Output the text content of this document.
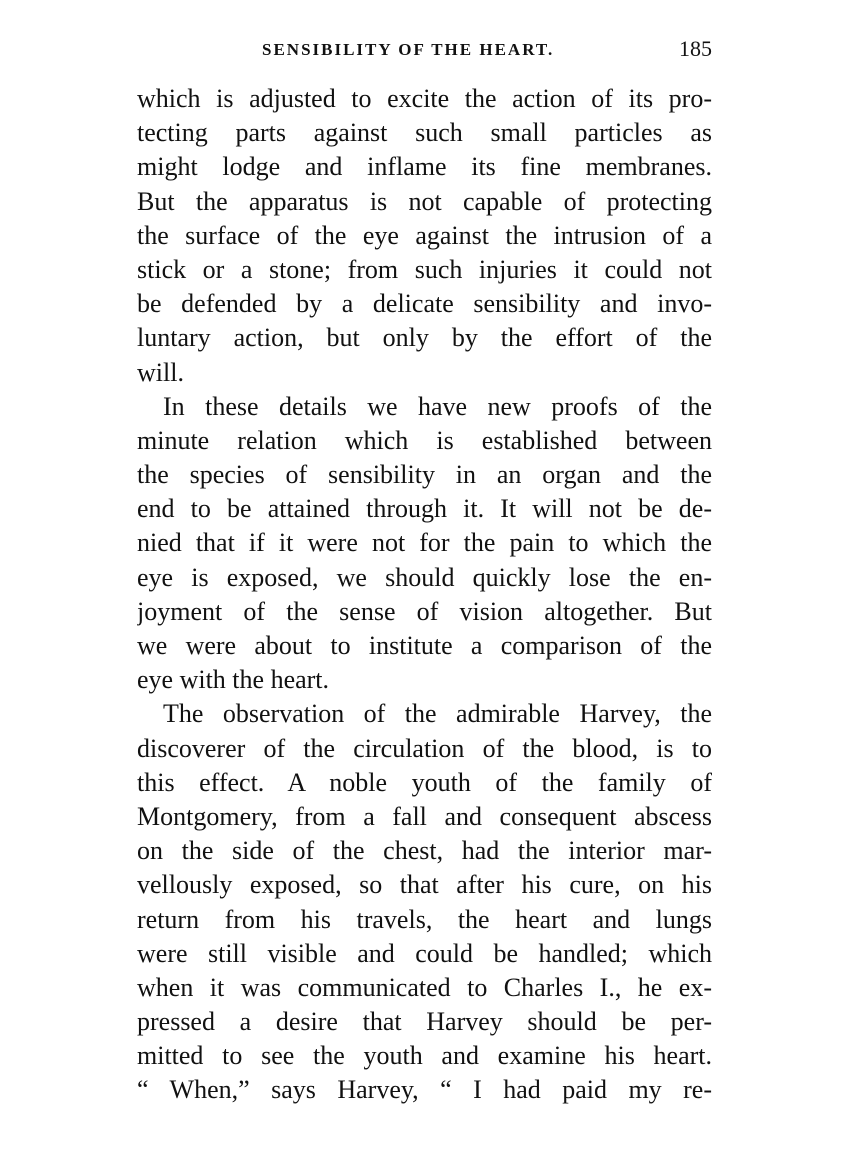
SENSIBILITY OF THE HEART.	185
which is adjusted to excite the action of its pro-
tecting parts against such small particles as
might lodge and inflame its fine membranes.
But the apparatus is not capable of protecting
the surface of the eye against the intrusion of a
stick or a stone; from such injuries it could not
be defended by a delicate sensibility and invo-
luntary action, but only by the effort of the
will.
In these details we have new proofs of the
minute relation which is established between
the species of sensibility in an organ and the
end to be attained through it. It will not be de-
nied that if it were not for the pain to which the
eye is exposed, we should quickly lose the en-
joyment of the sense of vision altogether. But
we were about to institute a comparison of the
eye with the heart.
The observation of the admirable Harvey, the
discoverer of the circulation of the blood, is to
this effect. A noble youth of the family of
Montgomery, from a fall and consequent abscess
on the side of the chest, had the interior mar-
vellously exposed, so that after his cure, on his
return from his travels, the heart and lungs
were still visible and could be handled; which
when it was communicated to Charles I., he ex-
pressed a desire that Harvey should be per-
mitted to see the youth and examine his heart.
“ When,” says Harvey, “ I had paid my re-
